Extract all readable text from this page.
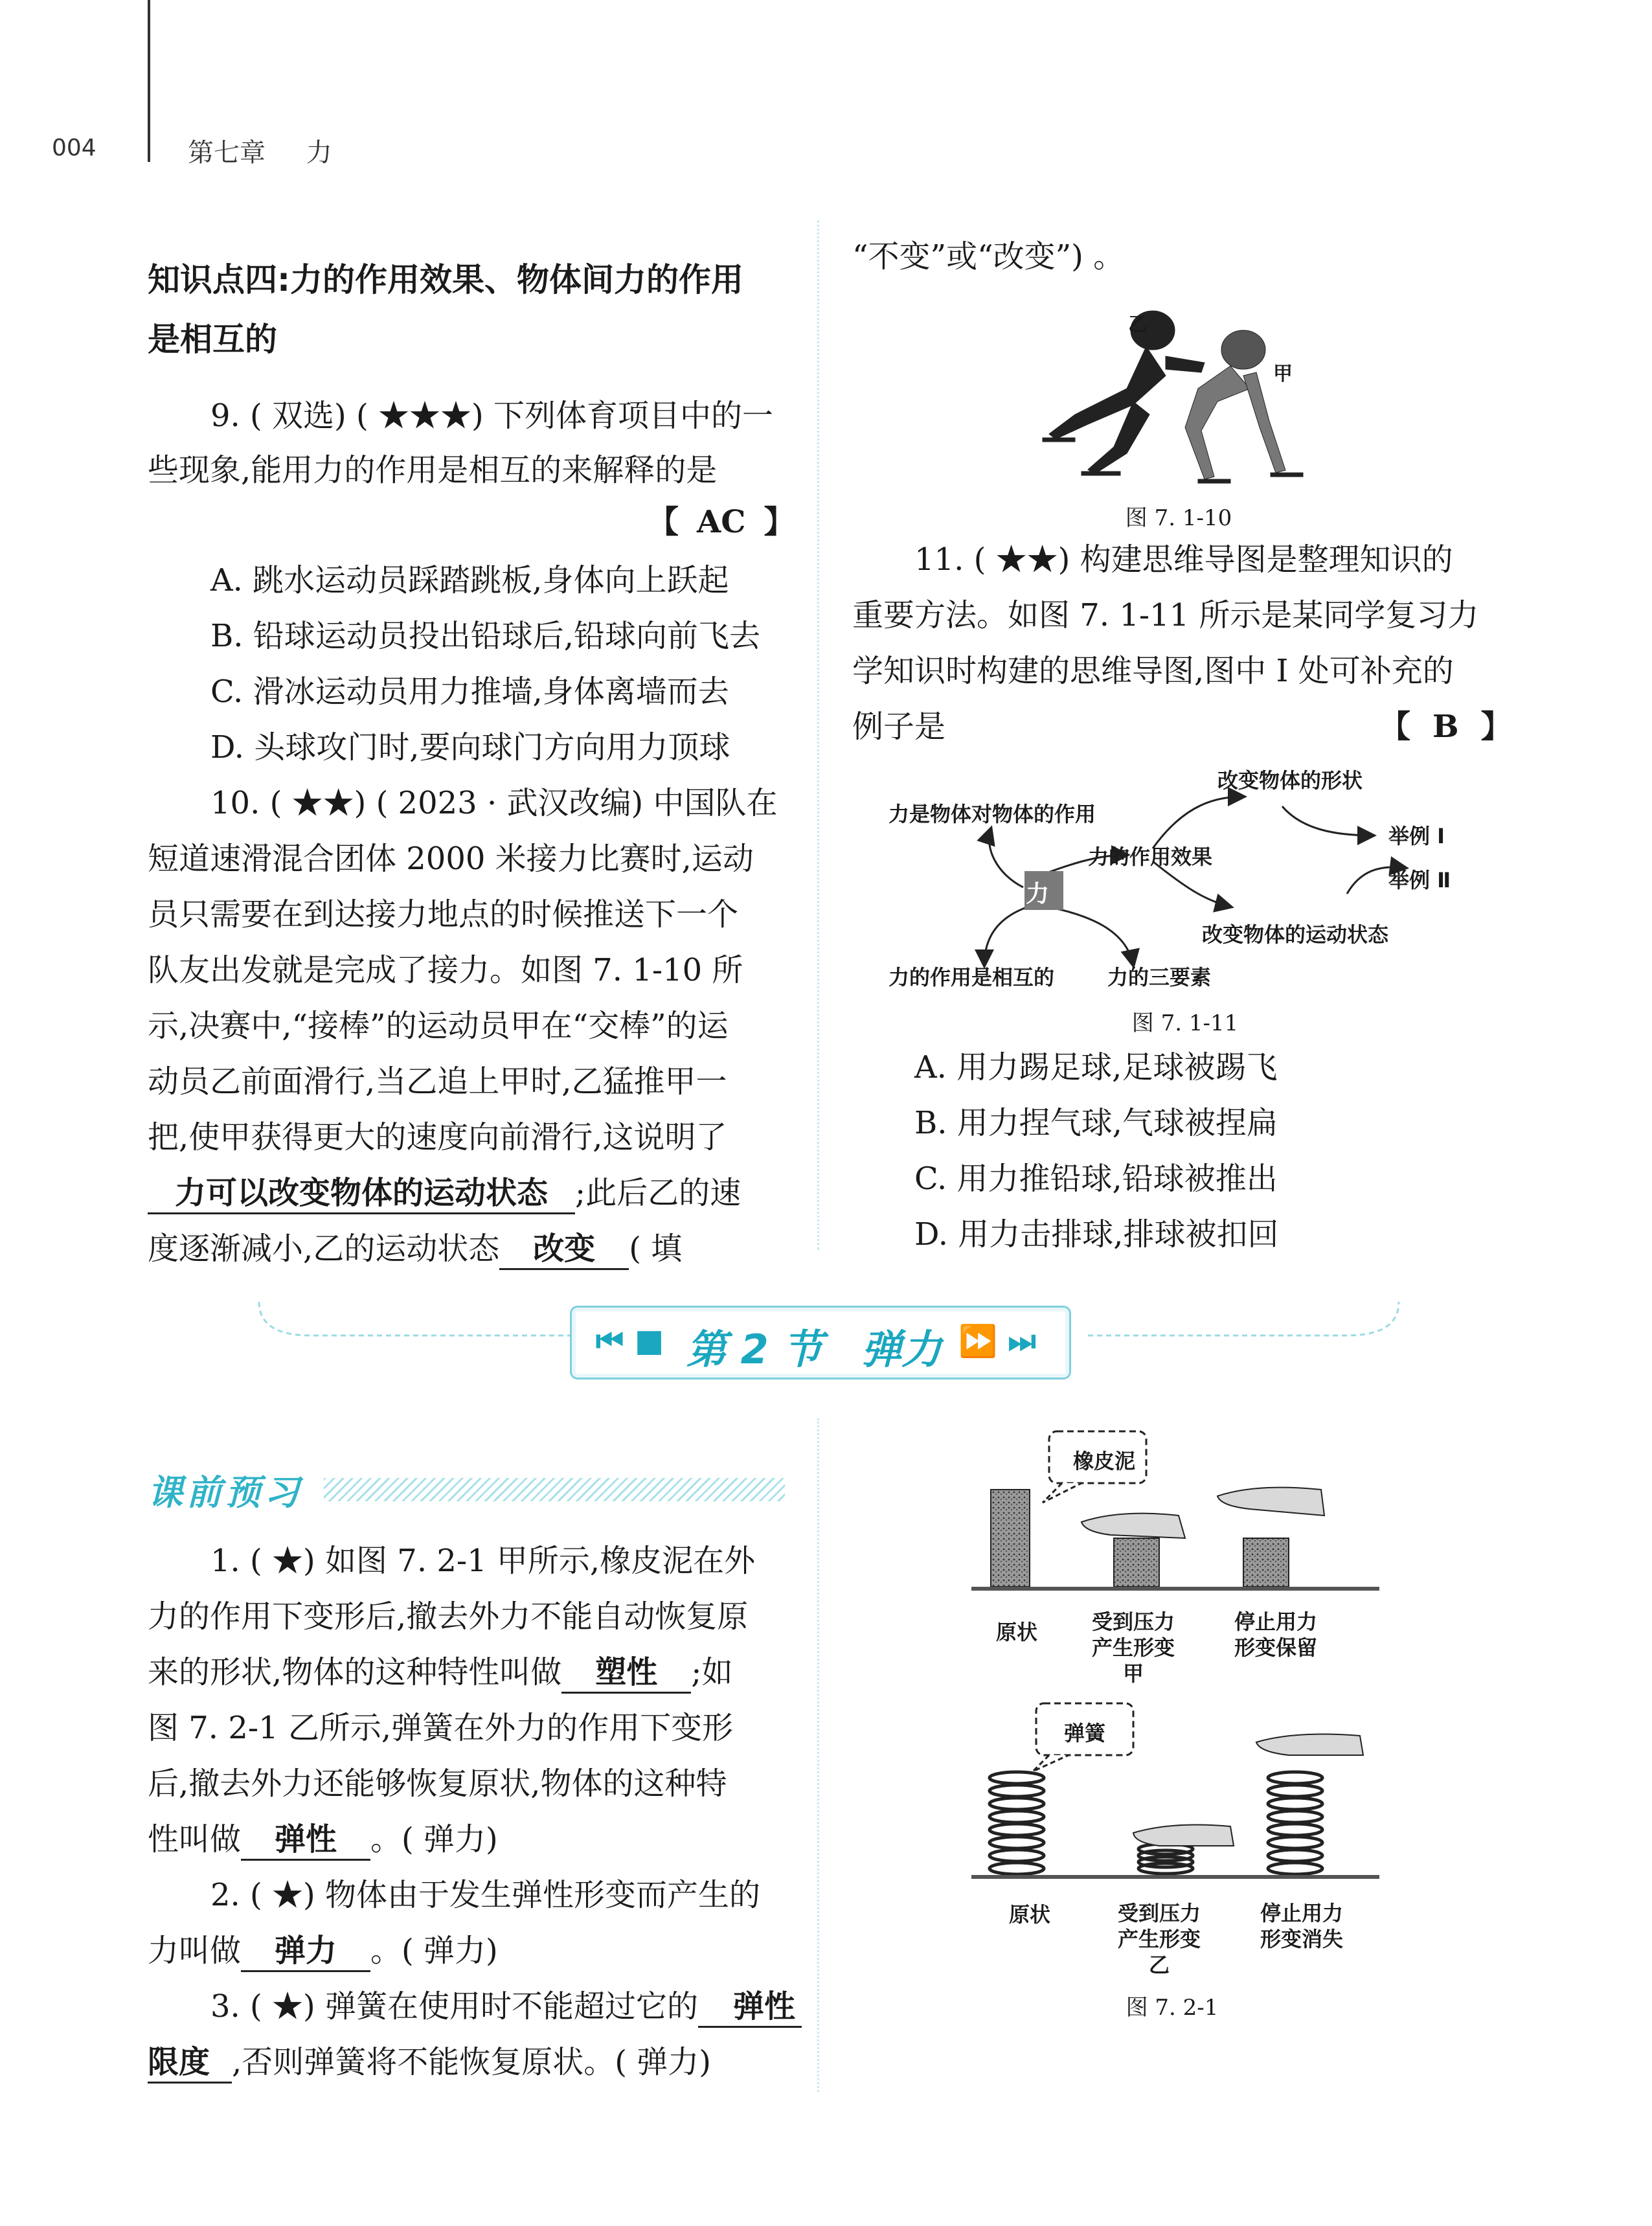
004	第七章 力

知识点四:力的作用效果、物体间力的作用

是相互的

9. ( 双选) ( ★★★) 下列体育项目中的一

些现象,能用力的作用是相互的来解释的是

【 AC 】

A. 跳水运动员踩踏跳板,身体向上跃起

B. 铅球运动员投出铅球后,铅球向前飞去

C. 滑冰运动员用力推墙,身体离墙而去

D. 头球攻门时,要向球门方向用力顶球

10. ( ★★) ( 2023 · 武汉改编) 中国队在

短道速滑混合团体 2000 米接力比赛时,运动

员只需要在到达接力地点的时候推送下一个

队友出发就是完成了接力。如图 7. 1-10 所

示,决赛中,“接棒”的运动员甲在“交棒”的运

动员乙前面滑行,当乙追上甲时,乙猛推甲一

把,使甲获得更大的速度向前滑行,这说明了

力可以改变物体的运动状态 ;此后乙的速

度逐渐减小,乙的运动状态 改变 ( 填

“不变”或“改变”) 。

乙
甲
图 7. 1-10

11. ( ★★) 构建思维导图是整理知识的

重要方法。如图 7. 1-11 所示是某同学复习力

学知识时构建的思维导图,图中 Ⅰ 处可补充的

例子是	【 B 】

力
力是物体对物体的作用
力的作用效果
改变物体的形状
举例 Ⅰ
举例 Ⅱ
改变物体的运动状态
力的作用是相互的	力的三要素
图 7. 1-11

A. 用力踢足球,足球被踢飞

B. 用力捏气球,气球被捏扁

C. 用力推铅球,铅球被推出

D. 用力击排球,排球被扣回

⏮ ■ 第 2 节 弹力 ⏩ ⏭
课前预习

1. ( ★) 如图 7. 2-1 甲所示,橡皮泥在外

力的作用下变形后,撤去外力不能自动恢复原

来的形状,物体的这种特性叫做 塑性 ;如

图 7. 2-1 乙所示,弹簧在外力的作用下变形

后,撤去外力还能够恢复原状,物体的这种特

性叫做 弹性 。( 弹力)

2. ( ★) 物体由于发生弹性形变而产生的

力叫做 弹力 。( 弹力)

3. ( ★) 弹簧在使用时不能超过它的 弹性

限度 ,否则弹簧将不能恢复原状。( 弹力)

橡皮泥
原状	受到压力
产生形变
甲
停止用力
形变保留
弹簧
原状	受到压力
产生形变
乙
停止用力
形变消失
图 7. 2-1
